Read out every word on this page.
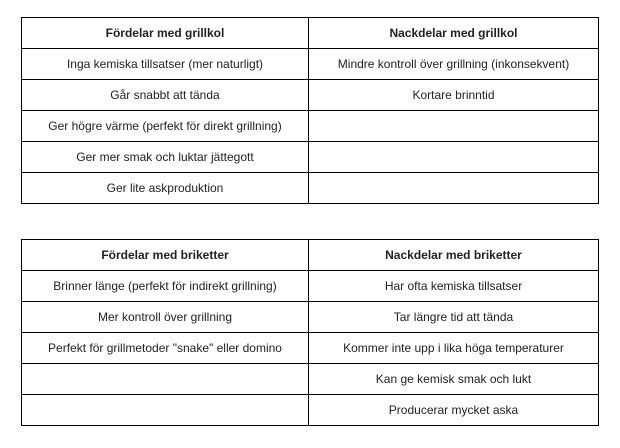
Fördelar med grillkol	Nackdelar med grillkol
Inga kemiska tillsatser (mer naturligt)	Mindre kontroll över grillning (inkonsekvent)
Går snabbt att tända	Kortare brinntid
Ger högre värme (perfekt för direkt grillning)	
Ger mer smak och luktar jättegott	
Ger lite askproduktion	
Fördelar med briketter	Nackdelar med briketter
Brinner länge (perfekt för indirekt grillning)	Har ofta kemiska tillsatser
Mer kontroll över grillning	Tar längre tid att tända
Perfekt för grillmetoder "snake" eller domino	Kommer inte upp i lika höga temperaturer
	Kan ge kemisk smak och lukt
	Producerar mycket aska
